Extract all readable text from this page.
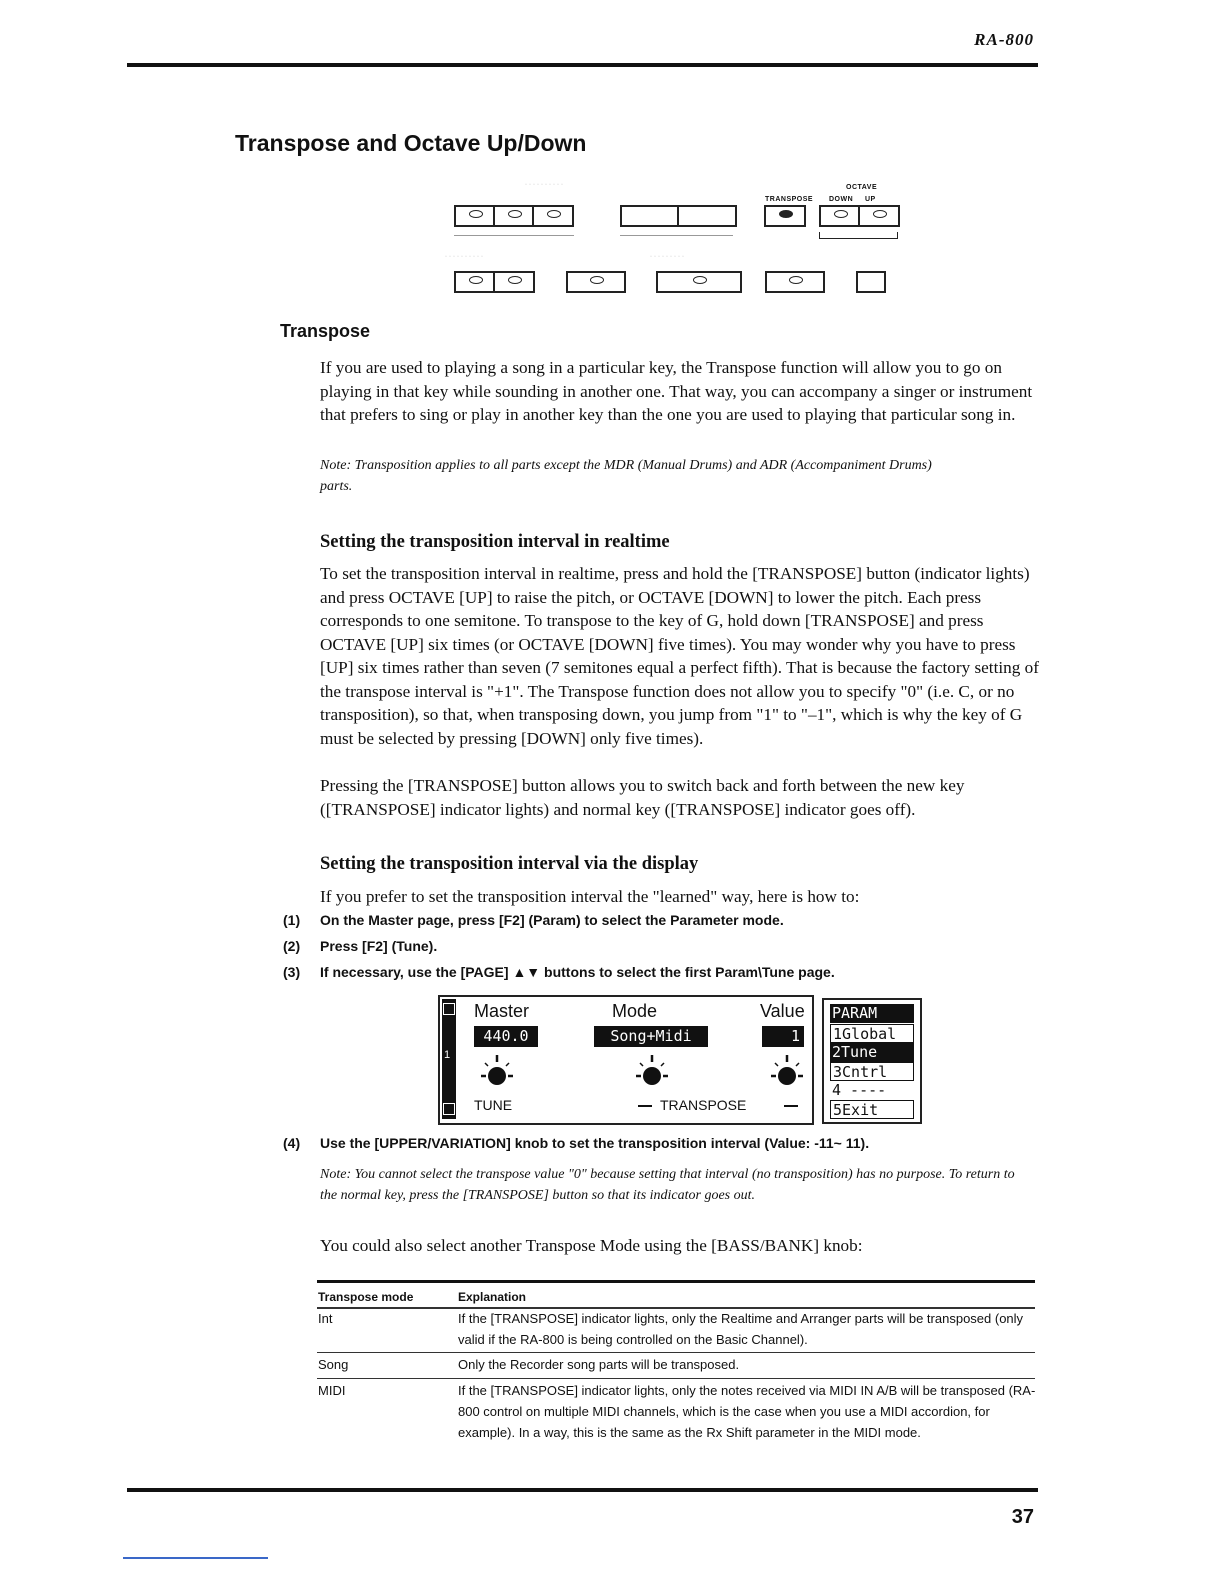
RA-800
Transpose and Octave Up/Down
··········	OCTAVE
TRANSPOSE DOWN UP
··········	·········
Transpose
If you are used to playing a song in a particular key, the Transpose function will allow you to go on playing in that key while sounding in another one. That way, you can accompany a singer or instrument that prefers to sing or play in another key than the one you are used to playing that particular song in.
Note: Transposition applies to all parts except the MDR (Manual Drums) and ADR (Accompaniment Drums) parts.
Setting the transposition interval in realtime
To set the transposition interval in realtime, press and hold the [TRANSPOSE] button (indicator lights) and press OCTAVE [UP] to raise the pitch, or OCTAVE [DOWN] to lower the pitch. Each press corresponds to one semitone. To transpose to the key of G, hold down [TRANSPOSE] and press OCTAVE [UP] six times (or OCTAVE [DOWN] five times). You may wonder why you have to press [UP] six times rather than seven (7 semitones equal a perfect fifth). That is because the factory setting of the transpose interval is "+1". The Transpose function does not allow you to specify "0" (i.e. C, or no transposition), so that, when transposing down, you jump from "1" to "–1", which is why the key of G must be selected by pressing [DOWN] only five times).
Pressing the [TRANSPOSE] button allows you to switch back and forth between the new key ([TRANSPOSE] indicator lights) and normal key ([TRANSPOSE] indicator goes off).
Setting the transposition interval via the display
If you prefer to set the transposition interval the "learned" way, here is how to:
(1) On the Master page, press [F2] (Param) to select the Parameter mode.
(2) Press [F2] (Tune).
(3) If necessary, use the [PAGE] ▲▼ buttons to select the first Param\Tune page.
1
Master	Mode	Value
440.0	Song+Midi	1
TUNE	TRANSPOSE
PARAM
1Global
2Tune
3Cntrl
4 ----
5Exit
(4) Use the [UPPER/VARIATION] knob to set the transposition interval (Value: -11~ 11).
Note: You cannot select the transpose value "0" because setting that interval (no transposition) has no purpose. To return to the normal key, press the [TRANSPOSE] button so that its indicator goes out.
You could also select another Transpose Mode using the [BASS/BANK] knob:
Transpose mode	Explanation
Int	If the [TRANSPOSE] indicator lights, only the Realtime and Arranger parts will be transposed (only valid if the RA-800 is being controlled on the Basic Channel).
Song	Only the Recorder song parts will be transposed.
MIDI	If the [TRANSPOSE] indicator lights, only the notes received via MIDI IN A/B will be transposed (RA-800 control on multiple MIDI channels, which is the case when you use a MIDI accordion, for example). In a way, this is the same as the Rx Shift parameter in the MIDI mode.
37
